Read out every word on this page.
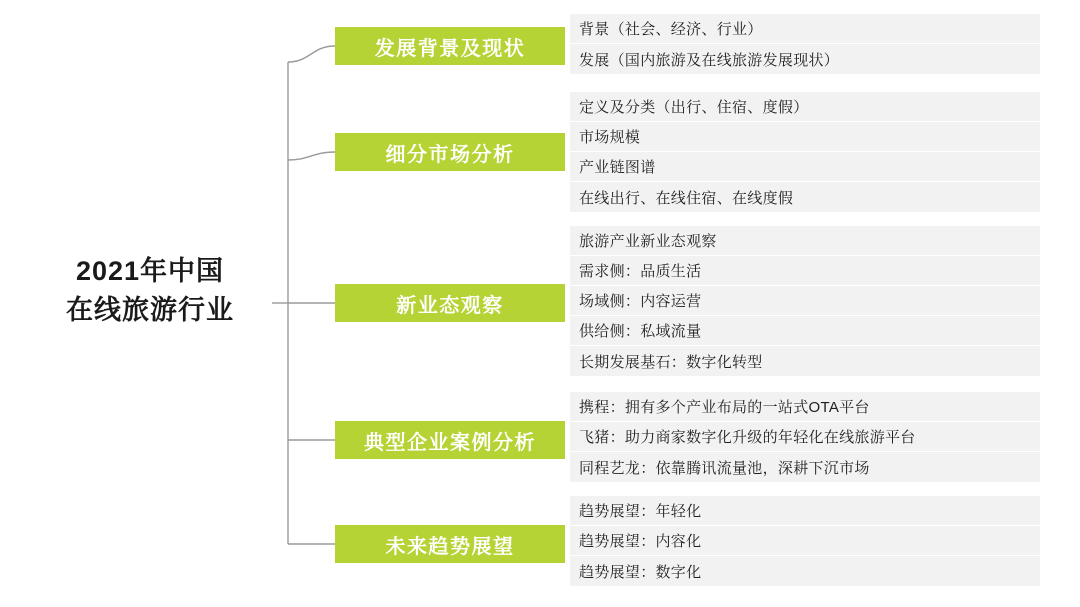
2021年中国
在线旅游行业
发展背景及现状
细分市场分析
新业态观察
典型企业案例分析
未来趋势展望
背景（社会、经济、行业）
发展（国内旅游及在线旅游发展现状）
定义及分类（出行、住宿、度假）
市场规模
产业链图谱
在线出行、在线住宿、在线度假
旅游产业新业态观察
需求侧：品质生活
场域侧：内容运营
供给侧：私域流量
长期发展基石：数字化转型
携程：拥有多个产业布局的一站式OTA平台
飞猪：助力商家数字化升级的年轻化在线旅游平台
同程艺龙：依靠腾讯流量池，深耕下沉市场
趋势展望：年轻化
趋势展望：内容化
趋势展望：数字化
